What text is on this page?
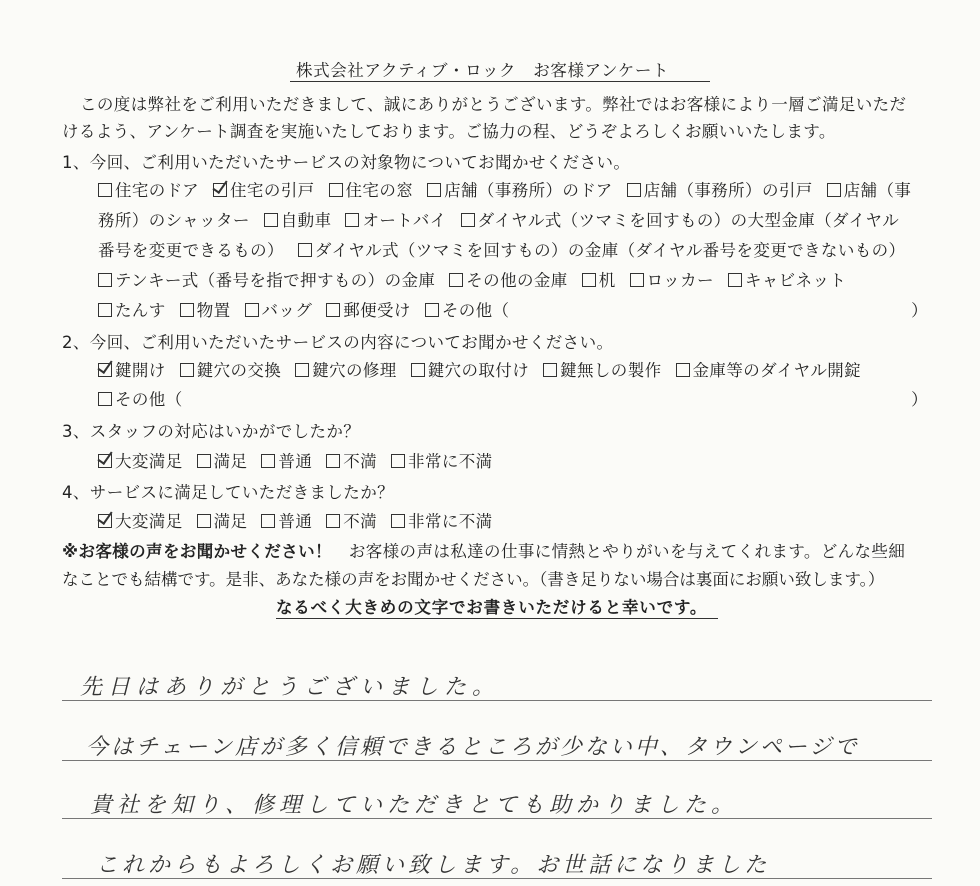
株式会社アクティブ・ロック　お客様アンケート
この度は弊社をご利用いただきまして、誠にありがとうございます。弊社ではお客様により一層ご満足いただ
けるよう、アンケート調査を実施いたしております。ご協力の程、どうぞよろしくお願いいたします。
1、今回、ご利用いただいたサービスの対象物についてお聞かせください。
住宅のドア	住宅の引戸	住宅の窓	店舗（事務所）のドア	店舗（事務所）の引戸	店舗（事
務所）のシャッター	自動車	オートバイ	ダイヤル式（ツマミを回すもの）の大型金庫（ダイヤル
番号を変更できるもの）	ダイヤル式（ツマミを回すもの）の金庫（ダイヤル番号を変更できないもの）
テンキー式（番号を指で押すもの）の金庫	その他の金庫	机	ロッカー	キャビネット
たんす	物置	バッグ	郵便受け	その他（	）
2、今回、ご利用いただいたサービスの内容についてお聞かせください。
鍵開け	鍵穴の交換	鍵穴の修理	鍵穴の取付け	鍵無しの製作	金庫等のダイヤル開錠
その他（	）
3、スタッフの対応はいかがでしたか？
大変満足	満足	普通	不満	非常に不満
4、サービスに満足していただきましたか？
大変満足	満足	普通	不満	非常に不満
※お客様の声をお聞かせください！　お客様の声は私達の仕事に情熱とやりがいを与えてくれます。どんな些細
なことでも結構です。是非、あなた様の声をお聞かせください。（書き足りない場合は裏面にお願い致します。）
なるべく大きめの文字でお書きいただけると幸いです。
先日はありがとうございました。
今はチェーン店が多く信頼できるところが少ない中、タウンページで
貴社を知り、修理していただきとても助かりました。
これからもよろしくお願い致します。お世話になりました
